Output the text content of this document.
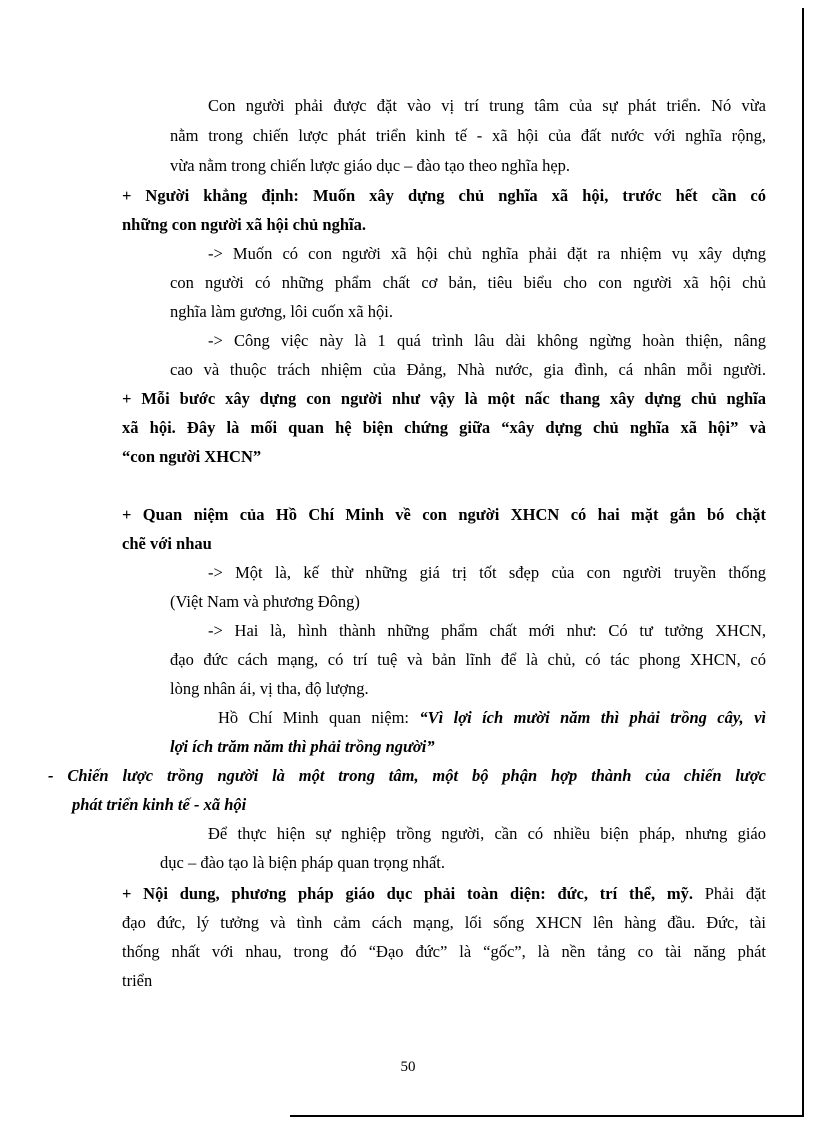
Con người phải được đặt vào vị trí trung tâm của sự phát triển. Nó vừa

nằm trong chiến lược phát triển kinh tế - xã hội của đất nước với nghĩa rộng,

vừa nằm trong chiến lược giáo dục – đào tạo theo nghĩa hẹp.

+ Người khẳng định: Muốn xây dựng chủ nghĩa xã hội, trước hết cần có

những con người xã hội chủ nghĩa.

-> Muốn có con người xã hội chủ nghĩa phải đặt ra nhiệm vụ xây dựng

con người có những phẩm chất cơ bản, tiêu biểu cho con người xã hội chủ

nghĩa làm gương, lôi cuốn xã hội.

-> Công việc này là 1 quá trình lâu dài không ngừng hoàn thiện, nâng

cao và thuộc trách nhiệm của Đảng, Nhà nước, gia đình, cá nhân mỗi người.

+ Mỗi bước xây dựng con người như vậy là một nấc thang xây dựng chủ nghĩa

xã hội. Đây là mối quan hệ biện chứng giữa “xây dựng chủ nghĩa xã hội” và

“con người XHCN”

+ Quan niệm của Hồ Chí Minh về con người XHCN có hai mặt gắn bó chặt

chẽ với nhau

-> Một là, kế thừ những giá trị tốt sđẹp của con người truyền thống

(Việt Nam và phương Đông)

-> Hai là, hình thành những phẩm chất mới như: Có tư tưởng XHCN,

đạo đức cách mạng, có trí tuệ và bản lĩnh để là chủ, có tác phong XHCN, có

lòng nhân ái, vị tha, độ lượng.

Hồ Chí Minh quan niệm: “Vì lợi ích mười năm thì phải trồng cây, vì

lợi ích trăm năm thì phải trồng người”

- Chiến lược trồng người là một trong tâm, một bộ phận hợp thành của chiến lược

phát triển kinh tế - xã hội

Để thực hiện sự nghiệp trồng người, cần có nhiều biện pháp, nhưng giáo

dục – đào tạo là biện pháp quan trọng nhất.

+ Nội dung, phương pháp giáo dục phải toàn diện: đức, trí thể, mỹ. Phải đặt

đạo đức, lý tưởng và tình cảm cách mạng, lối sống XHCN lên hàng đầu. Đức, tài

thống nhất với nhau, trong đó “Đạo đức” là “gốc”, là nền tảng co tài năng phát

triển

50
